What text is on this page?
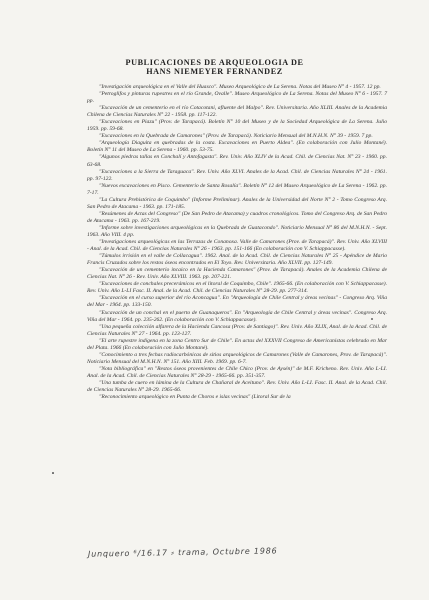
PUBLICACIONES DE ARQUEOLOGIA DE
HANS NIEMEYER FERNANDEZ

"Investigación arqueológica en el Valle del Huasco". Museo Arqueológico de La Serena. Notas del Museo N° 4 - 1957. 12 pp.

"Petroglifos y pinturas rupestres en el río Grande, Ovalle". Museo Arqueológico de La Serena. Notas del Museo N° 6 - 1957. 7 pp.

"Excavación de un cementerio en el río Cotacotani, afluente del Malpo". Rev. Universitaria. Año XLIII. Anales de la Academia Chilena de Ciencias Naturales N° 22 - 1958. pp. 117-122.

"Excavaciones en Piazu" (Prov. de Tarapacá). Boletín N° 10 del Museo y de la Sociedad Arqueológica de La Serena. Julio 1959. pp. 59-68.

"Excavaciones en la Quebrada de Camarones" (Prov. de Tarapacá). Noticiario Mensual del M.N.H.N. N° 39 - 1959. 7 pp.

"Arqueología Diaguita en quebradas de la costa. Excavaciones en Puerto Aldea". (En colaboración con Julio Montané). Boletín N° 11 del Museo de La Serena - 1960. pp. 53-75.

"Algunos piedras tallas en Conchalí y Antofagasta". Rev. Univ. Año XLIV de la Acad. Chil. de Ciencias Nat. N° 23 - 1960. pp. 63-68.

"Excavaciones a la Sierra de Taraguaca". Rev. Univ. Año XLVI. Anales de la Acad. Chil. de Ciencias Naturales N° 24 - 1961. pp. 97-122.

"Nuevos excavaciones en Pisco. Cementerio de Santa Rosalía". Boletín N° 12 del Museo Arqueológico de La Serena - 1962. pp. 7-17.

"La Cultura Prehistórica de Coquimbo" (Informe Preliminar). Anales de la Universidad del Norte N° 2 - Tomo Congreso Arq. San Pedro de Atacama - 1963. pp. 171-185.

"Resúmenes de Actas del Congreso" (De San Pedro de Atacama) y cuadros cronológicos. Tomo del Congreso Arq. de San Pedro de Atacama - 1963. pp. 167-219.

"Informe sobre investigaciones arqueológicas en la Quebrada de Guatacondo". Noticiario Mensual N° 86 del M.N.H.N. - Sept. 1963. Año VIII. 4 pp.

"Investigaciones arqueológicas en las Terrazas de Conanoxa. Valle de Camarones (Prov. de Tarapacá)". Rev. Univ. Año XLVIII - Anal. de la Acad. Chil. de Ciencias Naturales N° 26 - 1963. pp. 151-166 (En colaboración con V. Schiappacasse).

"Túmulos irrisión en el valle de Collacagua". 1962. Anal. de la Acad. Chil. de Ciencias Naturales N° 25 - Apéndice de Mario Francis Cruzados sobre los restos óseos encontrados en El Toyo. Rev. Universitaria. Año XLVII. pp. 127-149.

"Excavación de un cementerio incaico en la Hacienda Camarones" (Prov. de Tarapacá). Anales de la Academia Chilena de Ciencias Nat. N° 26 - Rev. Univ. Año XLVIII. 1963. pp. 207-221.

"Excavaciones de conchales precerámicos en el litoral de Coquimbo, Chile". 1965-66. (En colaboración con V. Schiappacasse). Rev. Univ. Año L-LI Fasc. II. Anal. de la Acad. Chil. de Ciencias Naturales N° 28-29. pp. 277-314.

"Excavación en el curso superior del río Aconcagua". En "Arqueología de Chile Central y áreas vecinas" - Congreso Arq. Viña del Mar - 1964. pp. 133-150.

"Excavación de un conchal en el puerto de Guanaqueros". En "Arqueología de Chile Central y áreas vecinas". Congreso Arq. Viña del Mar - 1964. pp. 235-262. (En colaboración con V. Schiappacasse).

"Una pequeña colección alfarera de la Hacienda Cancosa (Prov. de Santiago)". Rev. Univ. Año XLIX, Anal. de la Acad. Chil. de Ciencias Naturales N° 27 - 1964. pp. 123-127.

"El arte rupestre indígena en la zona Centro Sur de Chile". En actas del XXXVII Congreso de Americanistas celebrado en Mar del Plata. 1966 (En colaboración con Julio Montané).

"Conocimiento a tres fechas radiocarbónicas de sitios arqueológicos de Camarones (Valle de Camarones, Prov. de Tarapacá)". Noticiario Mensual del M.N.H.N. N° 151. Año XIII. Feb. 1969. pp. 6-7.

"Nota bibliográfica" en "Restos óseos provenientes de Chile Chico (Prov. de Aysén)" de M.F. Kricheno. Rev. Univ. Año L-LI. Anal. de la Acad. Chil. de Ciencias Naturales N° 28-29 - 1965-66. pp. 351-357.

"Una tumba de cuero en lámina de la Cultura de Chañaral de Aceituno". Rev. Univ. Año L-LI. Fasc. II. Anal. de la Acad. Chil. de Ciencias Naturales N° 28-29. 1965-66.

"Reconocimiento arqueológico en Punta de Choros e islas vecinas" (Litoral Sur de la

Junquero ⁶/16.17 ⸗ trama, Octubre 1986
